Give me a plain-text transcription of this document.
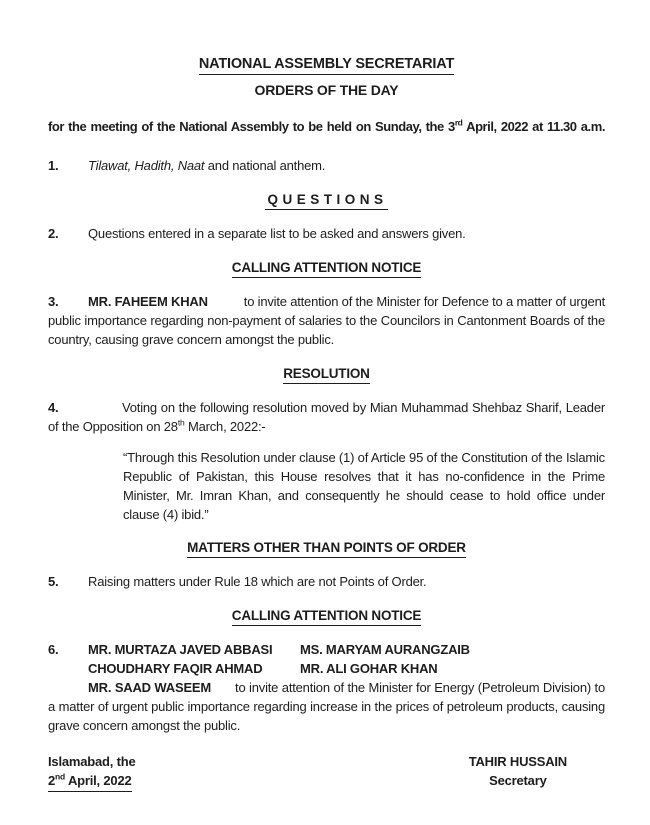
NATIONAL ASSEMBLY SECRETARIAT
ORDERS OF THE DAY

for the meeting of the National Assembly to be held on Sunday, the 3rd April, 2022 at 11.30 a.m.

1. Tilawat, Hadith, Naat and national anthem.

QUESTIONS

2. Questions entered in a separate list to be asked and answers given.

CALLING ATTENTION NOTICE

3. MR. FAHEEM KHAN	to invite attention of the Minister for Defence to a matter of urgent public importance regarding non-payment of salaries to the Councilors in Cantonment Boards of the country, causing grave concern amongst the public.

RESOLUTION

4.	Voting on the following resolution moved by Mian Muhammad Shehbaz Sharif, Leader of the Opposition on 28th March, 2022:-

“Through this Resolution under clause (1) of Article 95 of the Constitution of the Islamic Republic of Pakistan, this House resolves that it has no-confidence in the Prime Minister, Mr. Imran Khan, and consequently he should cease to hold office under clause (4) ibid.”
MATTERS OTHER THAN POINTS OF ORDER

5. Raising matters under Rule 18 which are not Points of Order.

CALLING ATTENTION NOTICE
6.	MR. MURTAZA JAVED ABBASI	MS. MARYAM AURANGZAIB
CHOUDHARY FAQIR AHMAD	MR. ALI GOHAR KHAN

MR. SAAD WASEEM to invite attention of the Minister for Energy (Petroleum Division) to a matter of urgent public importance regarding increase in the prices of petroleum products, causing grave concern amongst the public.

Islamabad, the
2nd April, 2022
TAHIR HUSSAIN
Secretary
